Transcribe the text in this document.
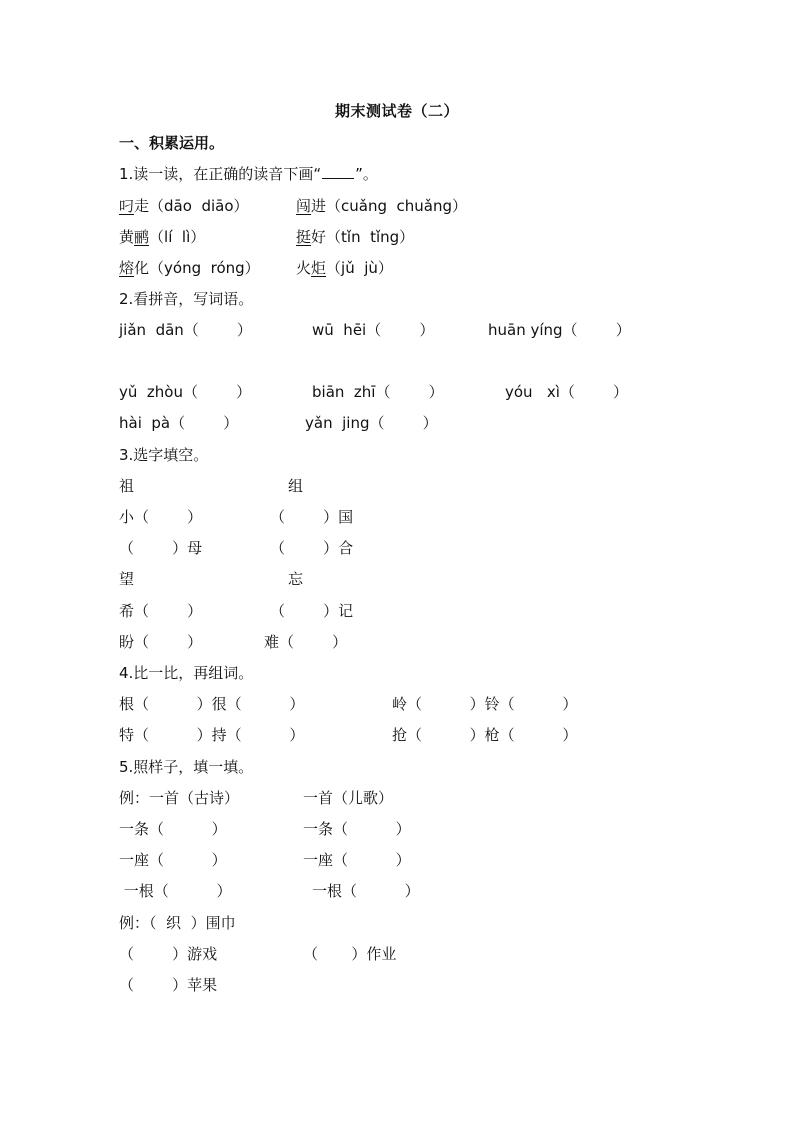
期末测试卷（二）
一、积累运用。
1.读一读，在正确的读音下画“ ”。
叼走（dāo  diāo）	闯进（cuǎng  chuǎng）
黄鹂（lí  lì）	挺好（tǐn  tǐng）
熔化（yóng  róng） 火炬（jǔ  jù）
2.看拼音，写词语。
jiǎn  dān（        ）	wū  hēi（        ）	huān yíng（        ）
yǔ  zhòu（        ）	biān  zhī（        ）	yóu   xì（        ）
hài  pà（        ）	yǎn  jing（        ）
3.选字填空。
祖	组
小（        ）	（        ）国
（        ）母	（        ）合
望	忘
希（        ）	（        ）记
盼（        ）	难（        ）
4.比一比，再组词。
根（          ）很（          ）	岭（          ）铃（          ）
特（          ）持（          ）	抢（          ）枪（          ）
5.照样子，填一填。
例：一首（古诗）	一首（儿歌）
一条（          ）	一条（          ）
一座（          ）	一座（          ）
一根（          ）	一根（          ）
例：（  织  ）围巾
（        ）游戏	（       ）作业
（        ）苹果
